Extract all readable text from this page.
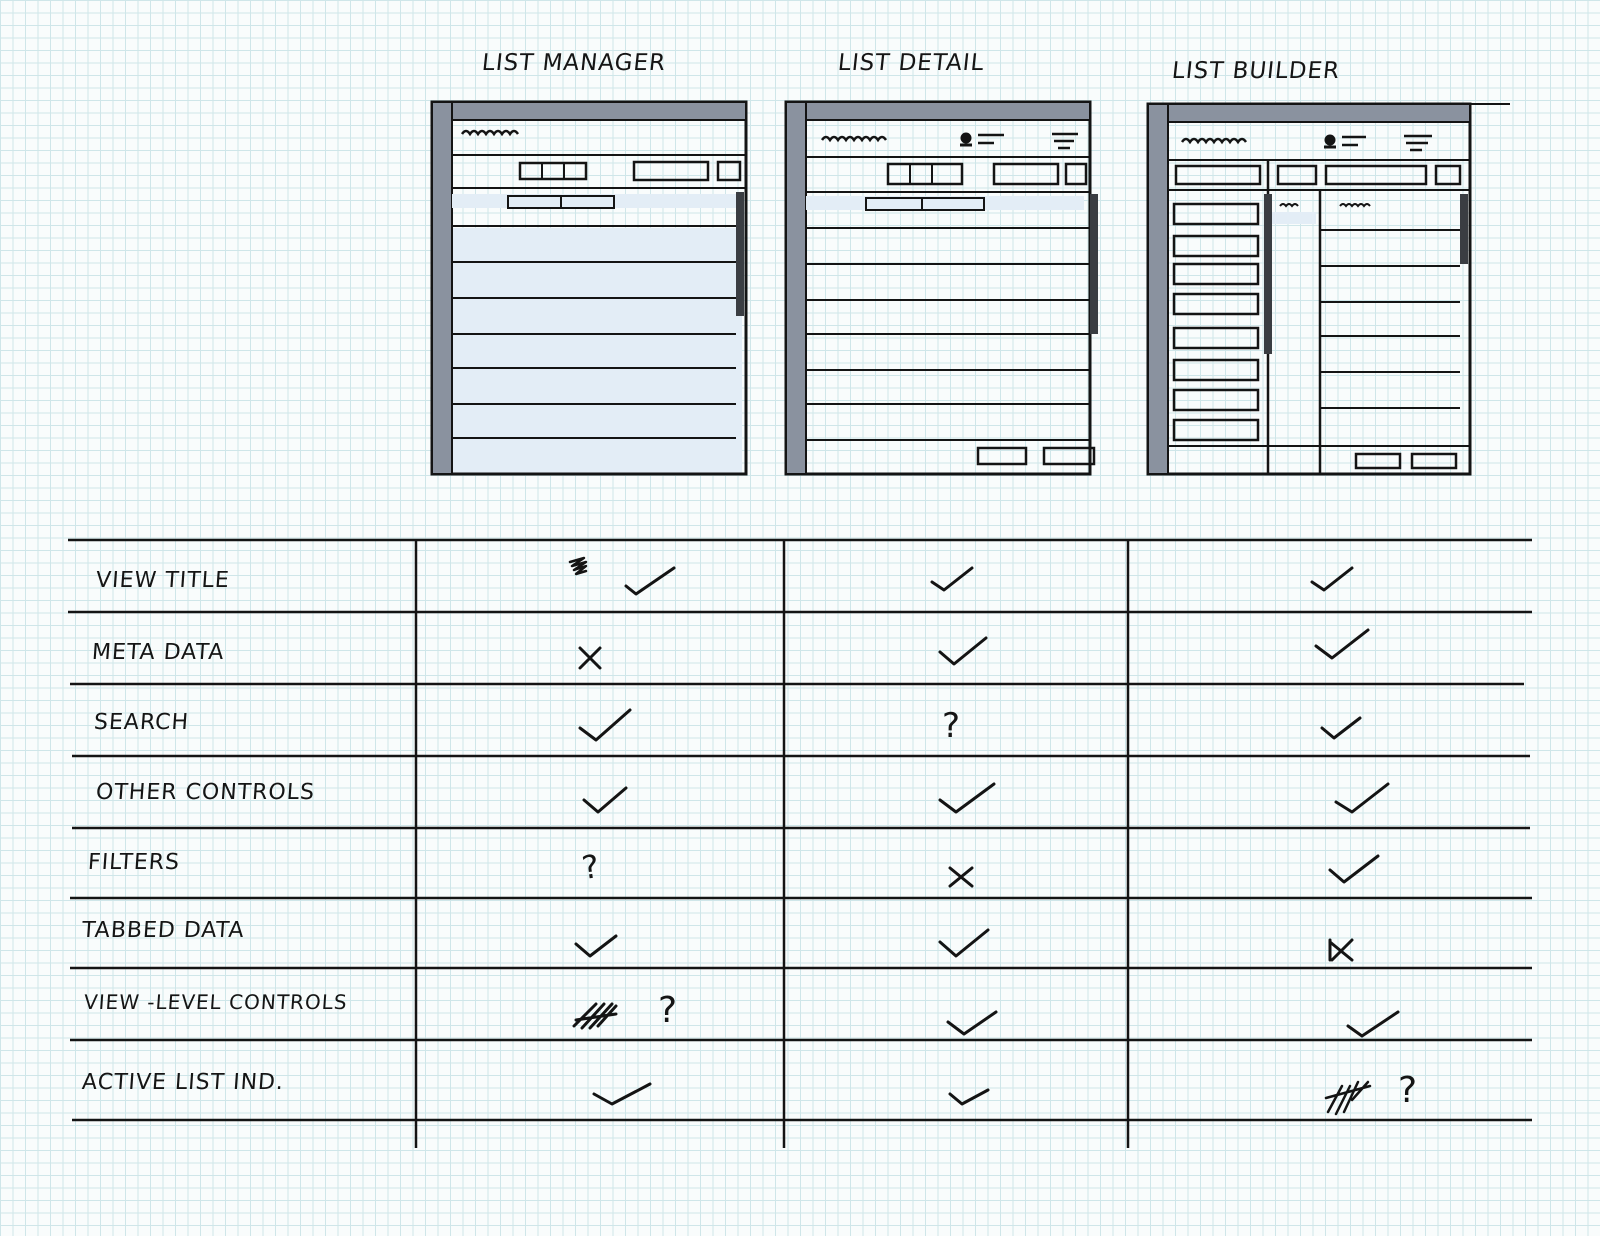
LIST MANAGER	LIST DETAIL	LIST BUILDER
?
?
?
?
VIEW TITLE
META DATA
SEARCH
OTHER CONTROLS
FILTERS
TABBED DATA
VIEW -LEVEL CONTROLS
ACTIVE LIST IND.
